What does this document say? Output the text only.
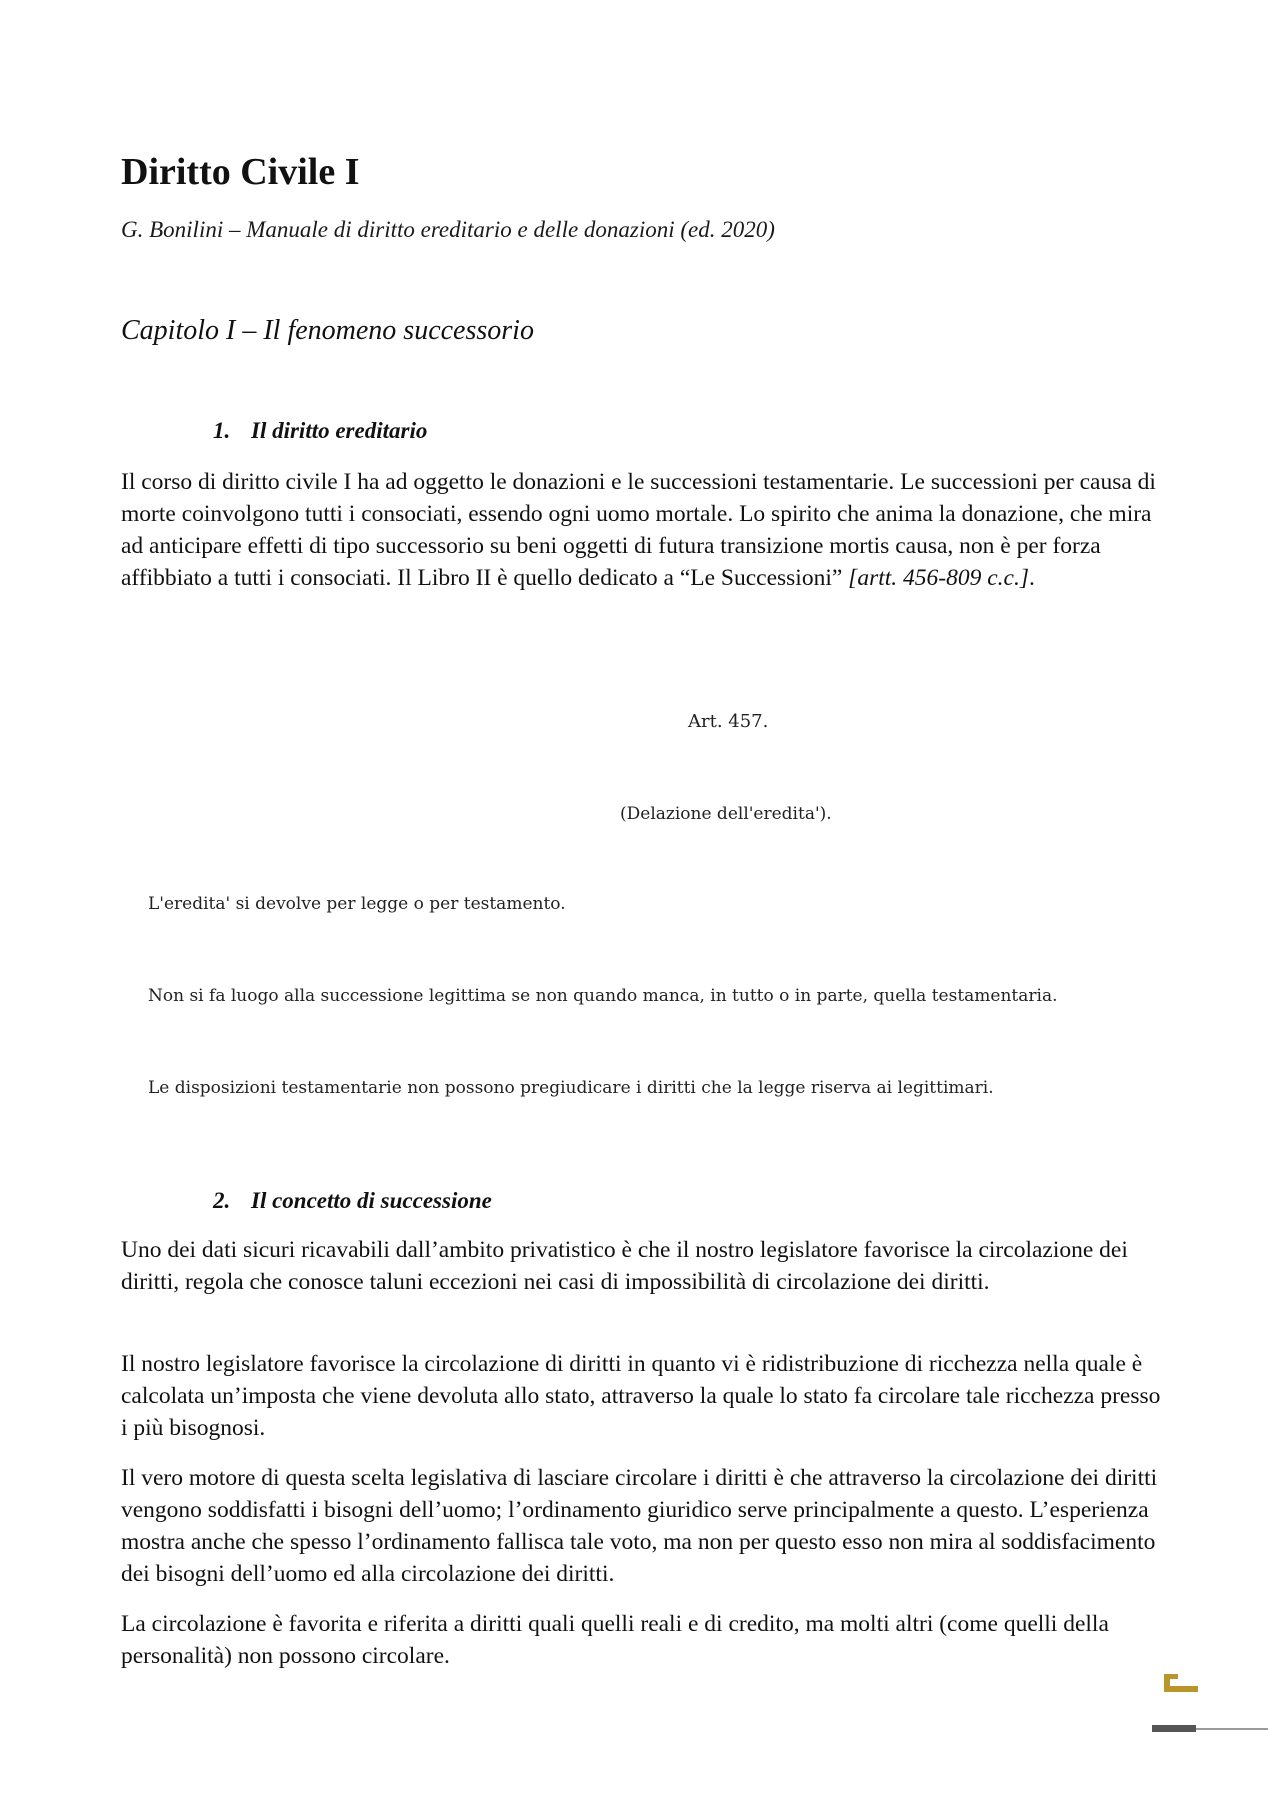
Diritto Civile I

G. Bonilini – Manuale di diritto ereditario e delle donazioni (ed. 2020)

Capitolo I – Il fenomeno successorio
1. Il diritto ereditario

Il corso di diritto civile I ha ad oggetto le donazioni e le successioni testamentarie. Le successioni per causa di morte coinvolgono tutti i consociati, essendo ogni uomo mortale. Lo spirito che anima la donazione, che mira ad anticipare effetti di tipo successorio su beni oggetti di futura transizione mortis causa, non è per forza affibbiato a tutti i consociati. Il Libro II è quello dedicato a “Le Successioni” [artt. 456-809 c.c.].

Art. 457.

(Delazione dell'eredita').

L'eredita' si devolve per legge o per testamento.

Non si fa luogo alla successione legittima se non quando manca, in tutto o in parte, quella testamentaria.

Le disposizioni testamentarie non possono pregiudicare i diritti che la legge riserva ai legittimari.

2. Il concetto di successione

Uno dei dati sicuri ricavabili dall’ambito privatistico è che il nostro legislatore favorisce la circolazione dei diritti, regola che conosce taluni eccezioni nei casi di impossibilità di circolazione dei diritti.

Il nostro legislatore favorisce la circolazione di diritti in quanto vi è ridistribuzione di ricchezza nella quale è calcolata un’imposta che viene devoluta allo stato, attraverso la quale lo stato fa circolare tale ricchezza presso i più bisognosi.

Il vero motore di questa scelta legislativa di lasciare circolare i diritti è che attraverso la circolazione dei diritti vengono soddisfatti i bisogni dell’uomo; l’ordinamento giuridico serve principalmente a questo. L’esperienza mostra anche che spesso l’ordinamento fallisca tale voto, ma non per questo esso non mira al soddisfacimento dei bisogni dell’uomo ed alla circolazione dei diritti.

La circolazione è favorita e riferita a diritti quali quelli reali e di credito, ma molti altri (come quelli della personalità) non possono circolare.	1
